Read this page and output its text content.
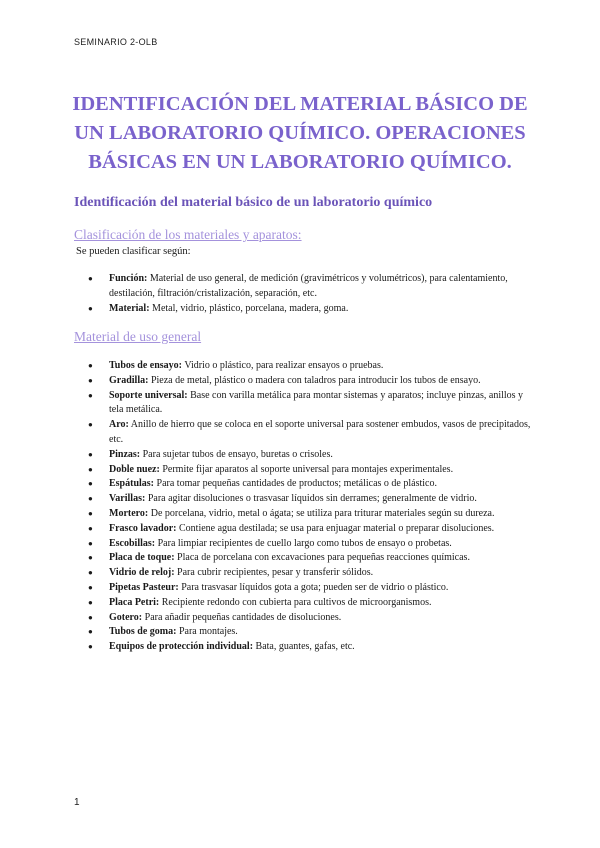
SEMINARIO 2-OLB
IDENTIFICACIÓN DEL MATERIAL BÁSICO DE UN LABORATORIO QUÍMICO. OPERACIONES BÁSICAS EN UN LABORATORIO QUÍMICO.
Identificación del material básico de un laboratorio químico
Clasificación de los materiales y aparatos:
Se pueden clasificar según:
● Función: Material de uso general, de medición (gravimétricos y volumétricos), para calentamiento, destilación, filtración/cristalización, separación, etc.
● Material: Metal, vidrio, plástico, porcelana, madera, goma.
Material de uso general
● Tubos de ensayo: Vidrio o plástico, para realizar ensayos o pruebas.
● Gradilla: Pieza de metal, plástico o madera con taladros para introducir los tubos de ensayo.
● Soporte universal: Base con varilla metálica para montar sistemas y aparatos; incluye pinzas, anillos y tela metálica.
● Aro: Anillo de hierro que se coloca en el soporte universal para sostener embudos, vasos de precipitados, etc.
● Pinzas: Para sujetar tubos de ensayo, buretas o crisoles.
● Doble nuez: Permite fijar aparatos al soporte universal para montajes experimentales.
● Espátulas: Para tomar pequeñas cantidades de productos; metálicas o de plástico.
● Varillas: Para agitar disoluciones o trasvasar líquidos sin derrames; generalmente de vidrio.
● Mortero: De porcelana, vidrio, metal o ágata; se utiliza para triturar materiales según su dureza.
● Frasco lavador: Contiene agua destilada; se usa para enjuagar material o preparar disoluciones.
● Escobillas: Para limpiar recipientes de cuello largo como tubos de ensayo o probetas.
● Placa de toque: Placa de porcelana con excavaciones para pequeñas reacciones químicas.
● Vidrio de reloj: Para cubrir recipientes, pesar y transferir sólidos.
● Pipetas Pasteur: Para trasvasar líquidos gota a gota; pueden ser de vidrio o plástico.
● Placa Petri: Recipiente redondo con cubierta para cultivos de microorganismos.
● Gotero: Para añadir pequeñas cantidades de disoluciones.
● Tubos de goma: Para montajes.
● Equipos de protección individual: Bata, guantes, gafas, etc.
1
